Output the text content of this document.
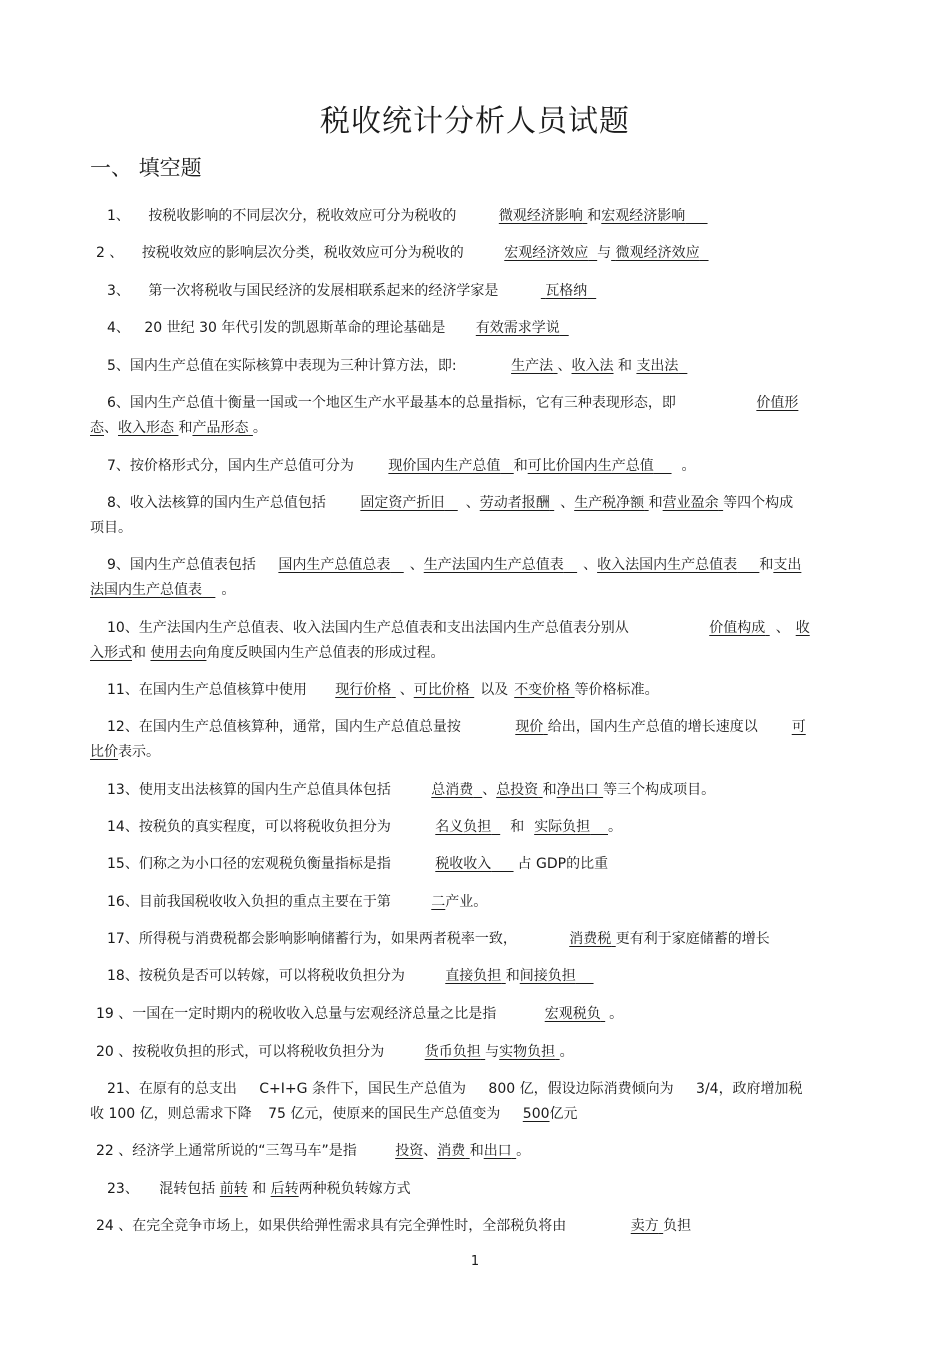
税收统计分析人员试题
一、 填空题
1、 按税收影响的不同层次分，税收效应可分为税收的	微观经济影响 和宏观经济影响
2 、 按税收效应的影响层次分类，税收效应可分为税收的	宏观经济效应 与 微观经济效应
3、 第一次将税收与国民经济的发展相联系起来的经济学家是	瓦格纳
4、 20 世纪 30 年代引发的凯恩斯革命的理论基础是 有效需求学说
5、国内生产总值在实际核算中表现为三种计算方法，即:	生产法 、收入法 和 支出法
6、国内生产总值十衡量一国或一个地区生产水平最基本的总量指标，它有三种表现形态，即	价值形
态、收入形态 和产品形态 。
7、按价格形式分，国内生产总值可分为 现价国内生产总值 和可比价国内生产总值 。
8、收入法核算的国内生产总值包括 固定资产折旧 、劳动者报酬 、生产税净额 和营业盈余 等四个构成
项目。
9、国内生产总值表包括 国内生产总值总表 、生产法国内生产总值表 、收入法国内生产总值表 和支出
法国内生产总值表 。
10、生产法国内生产总值表、收入法国内生产总值表和支出法国内生产总值表分别从	价值构成 、 收
入形式和 使用去向角度反映国内生产总值表的形成过程。
11、在国内生产总值核算中使用 现行价格 、可比价格 以及 不变价格 等价格标准。
12、在国内生产总值核算种，通常，国内生产总值总量按	现价 给出，国内生产总值的增长速度以 可
比价表示。
13、使用支出法核算的国内生产总值具体包括	总消费 、总投资 和净出口 等三个构成项目。
14、按税负的真实程度，可以将税收负担分为	名义负担 和 实际负担 。
15、们称之为小口径的宏观税负衡量指标是指	税收收入 占 GDP的比重
16、目前我国税收收入负担的重点主要在于第	二产业。
17、所得税与消费税都会影响影响储蓄行为，如果两者税率一致，	消费税 更有利于家庭储蓄的增长
18、按税负是否可以转嫁，可以将税收负担分为	直接负担 和间接负担
19 、一国在一定时期内的税收收入总量与宏观经济总量之比是指	宏观税负 。
20 、按税收负担的形式，可以将税收负担分为	货币负担 与实物负担 。
21、在原有的总支出 C+I+G 条件下，国民生产总值为 800 亿，假设边际消费倾向为 3/4，政府增加税
收 100 亿，则总需求下降 75 亿元，使原来的国民生产总值变为 500亿元
22 、经济学上通常所说的“三驾马车”是指	投资、消费 和出口 。
23、 混转包括 前转 和 后转两种税负转嫁方式
24 、在完全竞争市场上，如果供给弹性需求具有完全弹性时，全部税负将由	卖方 负担
1
